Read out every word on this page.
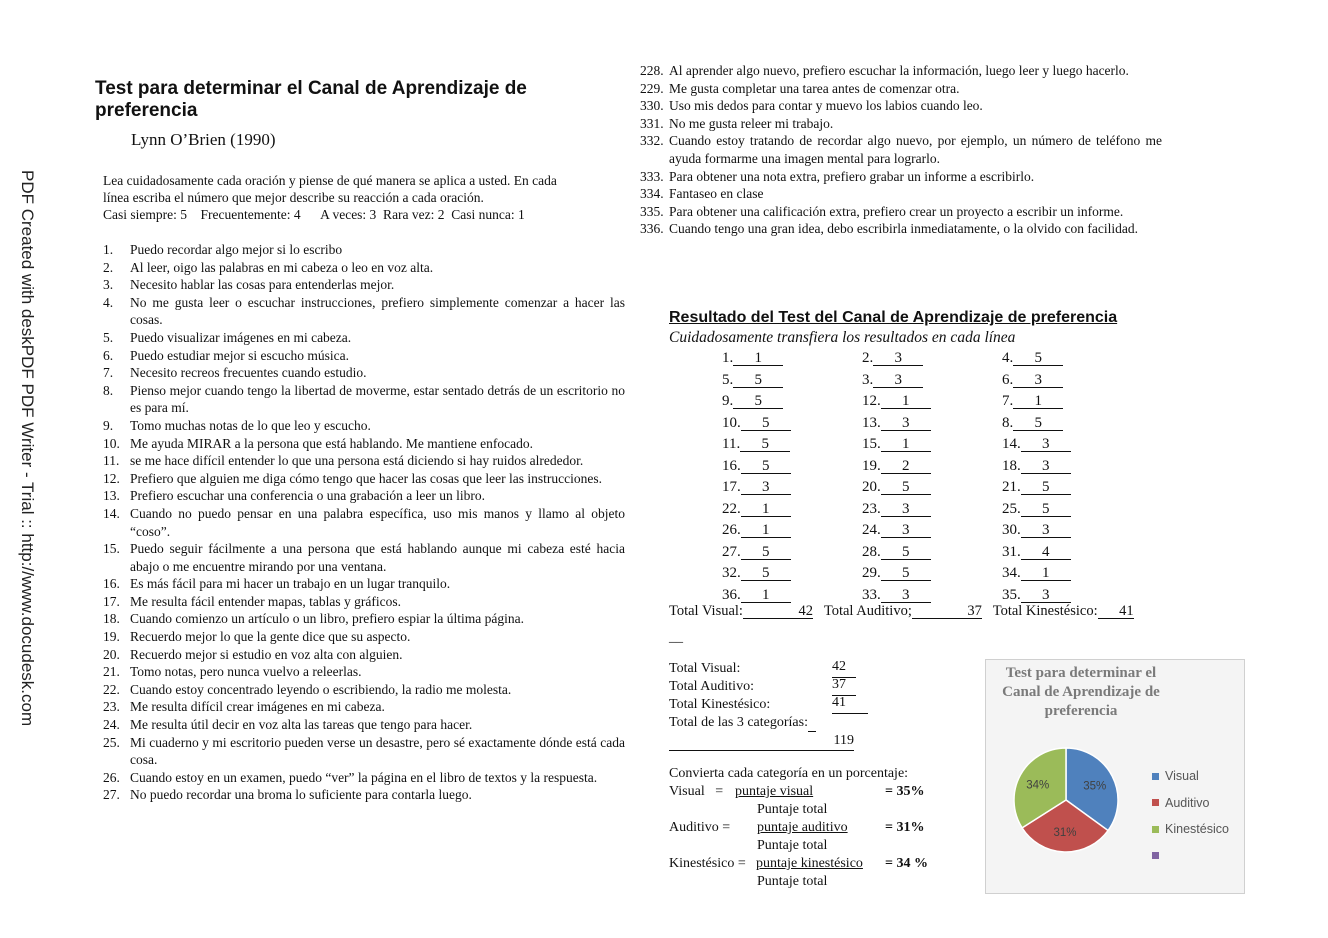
PDF Created with deskPDF PDF Writer - Trial :: http://www.docudesk.com
Test para determinar el Canal de Aprendizaje de preferencia
Lynn O’Brien (1990)
Lea cuidadosamente cada oración y piense de qué manera se aplica a usted. En cada
línea escriba el número que mejor describe su reacción a cada oración.
Casi siempre: 5    Frecuentemente: 4      A veces: 3  Rara vez: 2  Casi nunca: 1
1.	Puedo recordar algo mejor si lo escribo
2.	Al leer, oigo las palabras en mi cabeza o leo en voz alta.
3.	Necesito hablar las cosas para entenderlas mejor.
4.	No me gusta leer o escuchar instrucciones, prefiero simplemente comenzar a hacer las cosas.
5.	Puedo visualizar imágenes en mi cabeza.
6.	Puedo estudiar mejor si escucho música.
7.	Necesito recreos frecuentes cuando estudio.
8.	Pienso mejor cuando tengo la libertad de moverme, estar sentado detrás de un escritorio no es para mí.
9.	Tomo muchas notas de lo que leo y escucho.
10. Me ayuda MIRAR a la persona que está hablando. Me mantiene enfocado.
11. se me hace difícil entender lo que una persona está diciendo si hay ruidos alrededor.
12. Prefiero que alguien me diga cómo tengo que hacer las cosas que leer las instrucciones.
13. Prefiero escuchar una conferencia o una grabación a leer un libro.
14. Cuando no puedo pensar en una palabra específica, uso mis manos y llamo al objeto “coso”.
15. Puedo seguir fácilmente a una persona que está hablando aunque mi cabeza esté hacia abajo o me encuentre mirando por una ventana.
16. Es más fácil para mi hacer un trabajo en un lugar tranquilo.
17. Me resulta fácil entender mapas, tablas y gráficos.
18. Cuando comienzo un artículo o un libro, prefiero espiar la última página.
19. Recuerdo mejor lo que la gente dice que su aspecto.
20. Recuerdo mejor si estudio en voz alta con alguien.
21. Tomo notas, pero nunca vuelvo a releerlas.
22. Cuando estoy concentrado leyendo o escribiendo, la radio me molesta.
23. Me resulta difícil crear imágenes en mi cabeza.
24. Me resulta útil decir en voz alta las tareas que tengo para hacer.
25. Mi cuaderno y mi escritorio pueden verse un desastre, pero sé exactamente dónde está cada cosa.
26. Cuando estoy en un examen, puedo “ver” la página en el libro de textos y la respuesta.
27. No puedo recordar una broma lo suficiente para contarla luego.
228. Al aprender algo nuevo, prefiero escuchar la información, luego leer y luego hacerlo.
229. Me gusta completar una tarea antes de comenzar otra.
330. Uso mis dedos para contar y muevo los labios cuando leo.
331. No me gusta releer mi trabajo.
332. Cuando estoy tratando de recordar algo nuevo, por ejemplo, un número de teléfono me ayuda formarme una imagen mental para lograrlo.
333. Para obtener una nota extra, prefiero grabar un informe a escribirlo.
334. Fantaseo en clase
335. Para obtener una calificación extra, prefiero crear un proyecto a escribir un informe.
336. Cuando tengo una gran idea, debo escribirla inmediatamente, o la olvido con facilidad.
Resultado del Test del Canal de Aprendizaje de preferencia
Cuidadosamente transfiera los resultados en cada línea
1. 1	2. 3	4. 5
5. 5	3. 3	6. 3
9. 5	12. 1	7. 1
10. 5	13. 3	8. 5
11. 5	15. 1	14. 3
16. 5	19. 2	18. 3
17. 3	20. 5	21. 5
22. 1	23. 3	25. 5
26. 1	24. 3	30. 3
27. 5	28. 5	31. 4
32. 5	29. 5	34. 1
36. 1	33. 3	35. 3
Total Visual:	42 Total Auditivo;	37 Total Kinestésico: 41
__
Total Visual:	42
Total Auditivo:	37
Total Kinestésico:	41
Total de las 3 categorías:
119
Convierta cada categoría en un porcentaje:
Visual   = puntaje visual	= 35%
Puntaje total
Auditivo = puntaje auditivo	= 31%
Puntaje total
Kinestésico = puntaje kinestésico = 34 %
Puntaje total
Test para determinar el Canal de Aprendizaje de preferencia
35%
31%
34%
Visual
Auditivo
Kinestésico
